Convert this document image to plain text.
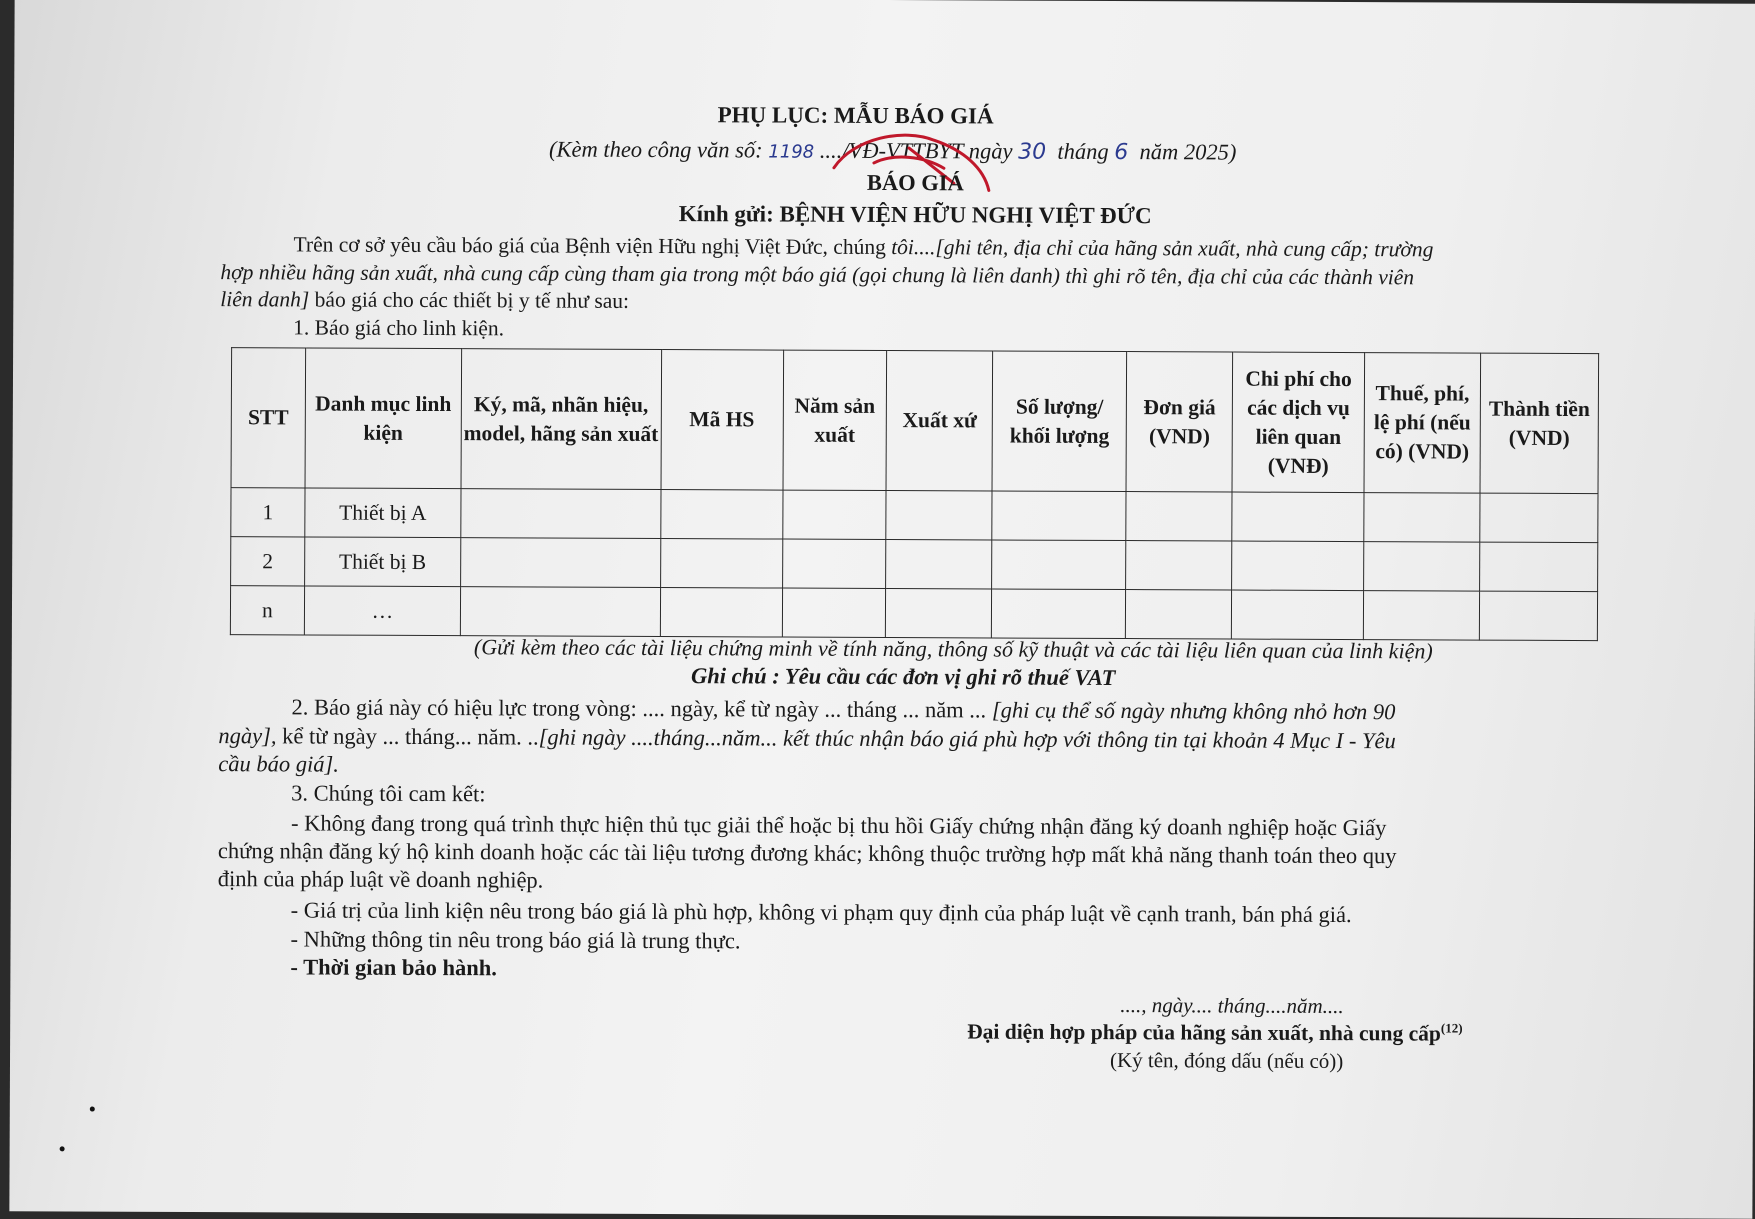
PHỤ LỤC: MẪU BÁO GIÁ
(Kèm theo công văn số: 1198 ..../VĐ-VTTBYT ngày 30 tháng 6 năm 2025)
BÁO GIÁ
Kính gửi: BỆNH VIỆN HỮU NGHỊ VIỆT ĐỨC
Trên cơ sở yêu cầu báo giá của Bệnh viện Hữu nghị Việt Đức, chúng tôi....[ghi tên, địa chỉ của hãng sản xuất, nhà cung cấp; trường
hợp nhiều hãng sản xuất, nhà cung cấp cùng tham gia trong một báo giá (gọi chung là liên danh) thì ghi rõ tên, địa chỉ của các thành viên
liên danh] báo giá cho các thiết bị y tế như sau:
1. Báo giá cho linh kiện.
STT	Danh mục linh kiện	Ký, mã, nhãn hiệu, model, hãng sản xuất	Mã HS	Năm sản xuất	Xuất xứ	Số lượng/ khối lượng	Đơn giá (VND)	Chi phí cho các dịch vụ liên quan (VNĐ)	Thuế, phí, lệ phí (nếu có) (VND)	Thành tiền (VND)
1	Thiết bị A									
2	Thiết bị B									
n	…									
(Gửi kèm theo các tài liệu chứng minh về tính năng, thông số kỹ thuật và các tài liệu liên quan của linh kiện)
Ghi chú : Yêu cầu các đơn vị ghi rõ thuế VAT
2. Báo giá này có hiệu lực trong vòng: .... ngày, kể từ ngày ... tháng ... năm ... [ghi cụ thể số ngày nhưng không nhỏ hơn 90
ngày], kể từ ngày ... tháng... năm. ..[ghi ngày ....tháng...năm... kết thúc nhận báo giá phù hợp với thông tin tại khoản 4 Mục I - Yêu
cầu báo giá].
3. Chúng tôi cam kết:
- Không đang trong quá trình thực hiện thủ tục giải thể hoặc bị thu hồi Giấy chứng nhận đăng ký doanh nghiệp hoặc Giấy
chứng nhận đăng ký hộ kinh doanh hoặc các tài liệu tương đương khác; không thuộc trường hợp mất khả năng thanh toán theo quy
định của pháp luật về doanh nghiệp.
- Giá trị của linh kiện nêu trong báo giá là phù hợp, không vi phạm quy định của pháp luật về cạnh tranh, bán phá giá.
- Những thông tin nêu trong báo giá là trung thực.
- Thời gian bảo hành.
...., ngày.... tháng....năm....
Đại diện hợp pháp của hãng sản xuất, nhà cung cấp$^{(12)}$
(Ký tên, đóng dấu (nếu có))
